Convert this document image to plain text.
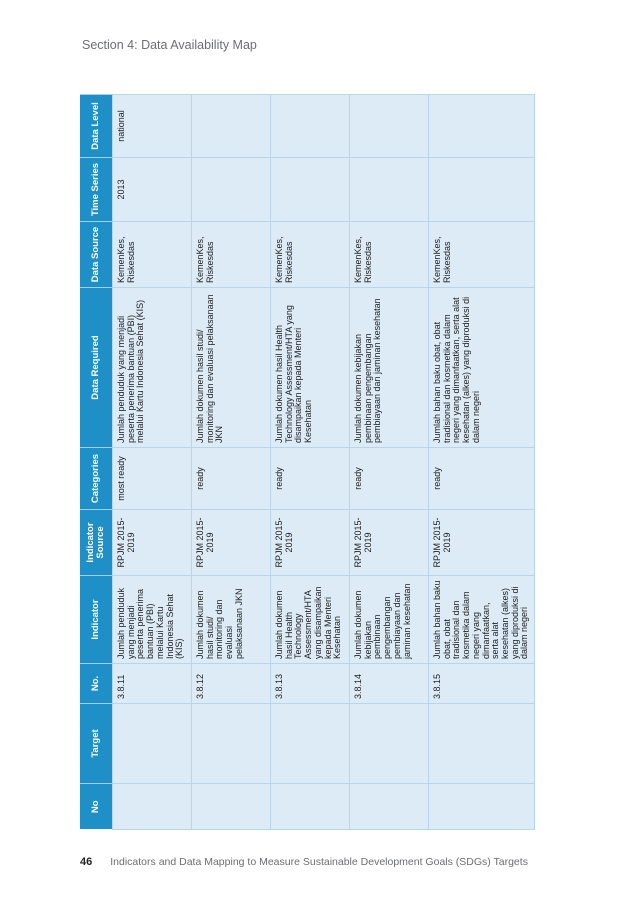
Section 4: Data Availability Map
No	Target	No.	Indicator	Indicator Source	Categories	Data Required	Data Source	Time Series	Data Level
		3.8.11	Jumlah penduduk yang menjadi peserta penerima bantuan (PBI) melalui Kartu Indonesia Sehat (KIS)	RPJM 2015-2019	most ready	Jumlah penduduk yang menjadi peserta penerima bantuan (PBI) melalui Kartu Indonesia Sehat (KIS)	KemenKes, Riskesdas	2013	national
		3.8.12	Jumlah dokumen hasil studi/ monitoring dan evaluasi pelaksanaan JKN	RPJM 2015-2019	ready	Jumlah dokumen hasil studi/ monitoring dan evaluasi pelaksanaan JKN	KemenKes, Riskesdas		
		3.8.13	Jumlah dokumen hasil Health Technology Assessment/HTA yang disampaikan kepada Menteri Kesehatan	RPJM 2015-2019	ready	Jumlah dokumen hasil Health Technology Assessment/HTA yang disampaikan kepada Menteri Kesehatan	KemenKes, Riskesdas		
		3.8.14	Jumlah dokumen kebijakan pembinaan pengembangan pembiayaan dan jaminan kesehatan	RPJM 2015-2019	ready	Jumlah dokumen kebijakan pembinaan pengembangan pembiayaan dan jaminan kesehatan	KemenKes, Riskesdas		
		3.8.15	Jumlah bahan baku obat, obat tradisional dan kosmetika dalam negeri yang dimanfaatkan, serta alat kesehatan (alkes) yang diproduksi di dalam negeri	RPJM 2015-2019	ready	Jumlah bahan baku obat, obat tradisional dan kosmetika dalam negeri yang dimanfaatkan, serta alat kesehatan (alkes) yang diproduksi di dalam negeri	KemenKes, Riskesdas		
46 Indicators and Data Mapping to Measure Sustainable Development Goals (SDGs) Targets
